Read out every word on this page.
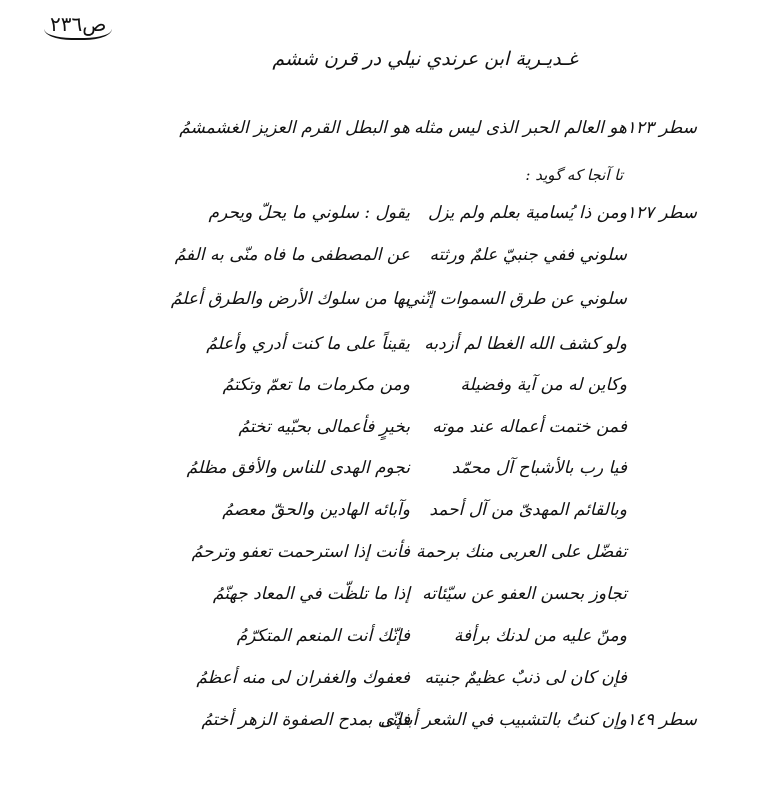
ص٢٣٦
غـديـرية ابن عرندي نيلي در قرن ششم
سطر ١٢٣
هو العالم الحبر الذى ليس مثله
هو البطل القرم العزيز الغشمشمُ
تا آنجا که گويد :
سطر ١٢٧
ومن ذا يُسامية بعلم ولم يزل
يقول : سلوني ما يحلّ ويحرم
سلوني ففي جنبيّ علمٌ ورثته
عن المصطفى ما فاه منّى به الفمُ
سلوني عن طرق السموات إنّني
بها من سلوك الأرض والطرق أعلمُ
ولو كشف الله الغطا لم أزدبه
يقيناً على ما كنت أدري وأعلمُ
وكاين له من آية وفضيلة
ومن مكرمات ما تعمّ وتكتمُ
فمن ختمت أعماله عند موته
بخيرٍ فأعمالى بحبّيه تختمُ
فيا رب بالأشباح آل محمّد
نجوم الهدى للناس والأفق مظلمُ
وبالقائم المهدىّ من آل أحمد
وآبائه الهادين والحقّ معصمُ
تفضّل على العربى منك برحمة
فأنت إذا استرحمت تعفو وترحمُ
تجاوز بحسن العفو عن سيّئاته
إذا ما تلظّت في المعاد جهنّمُ
ومنّ عليه من لدنك برأفة
فإنّك أنت المنعم المتكرّمُ
فإن كان لى ذنبٌ عظيمٌ جنيته
فعفوك والغفران لى منه أعظمُ
سطر ١٤٩
وإن كنتُ بالتشبيب في الشعر أبتدى
فإنّى بمدح الصفوة الزهر أختمُ
